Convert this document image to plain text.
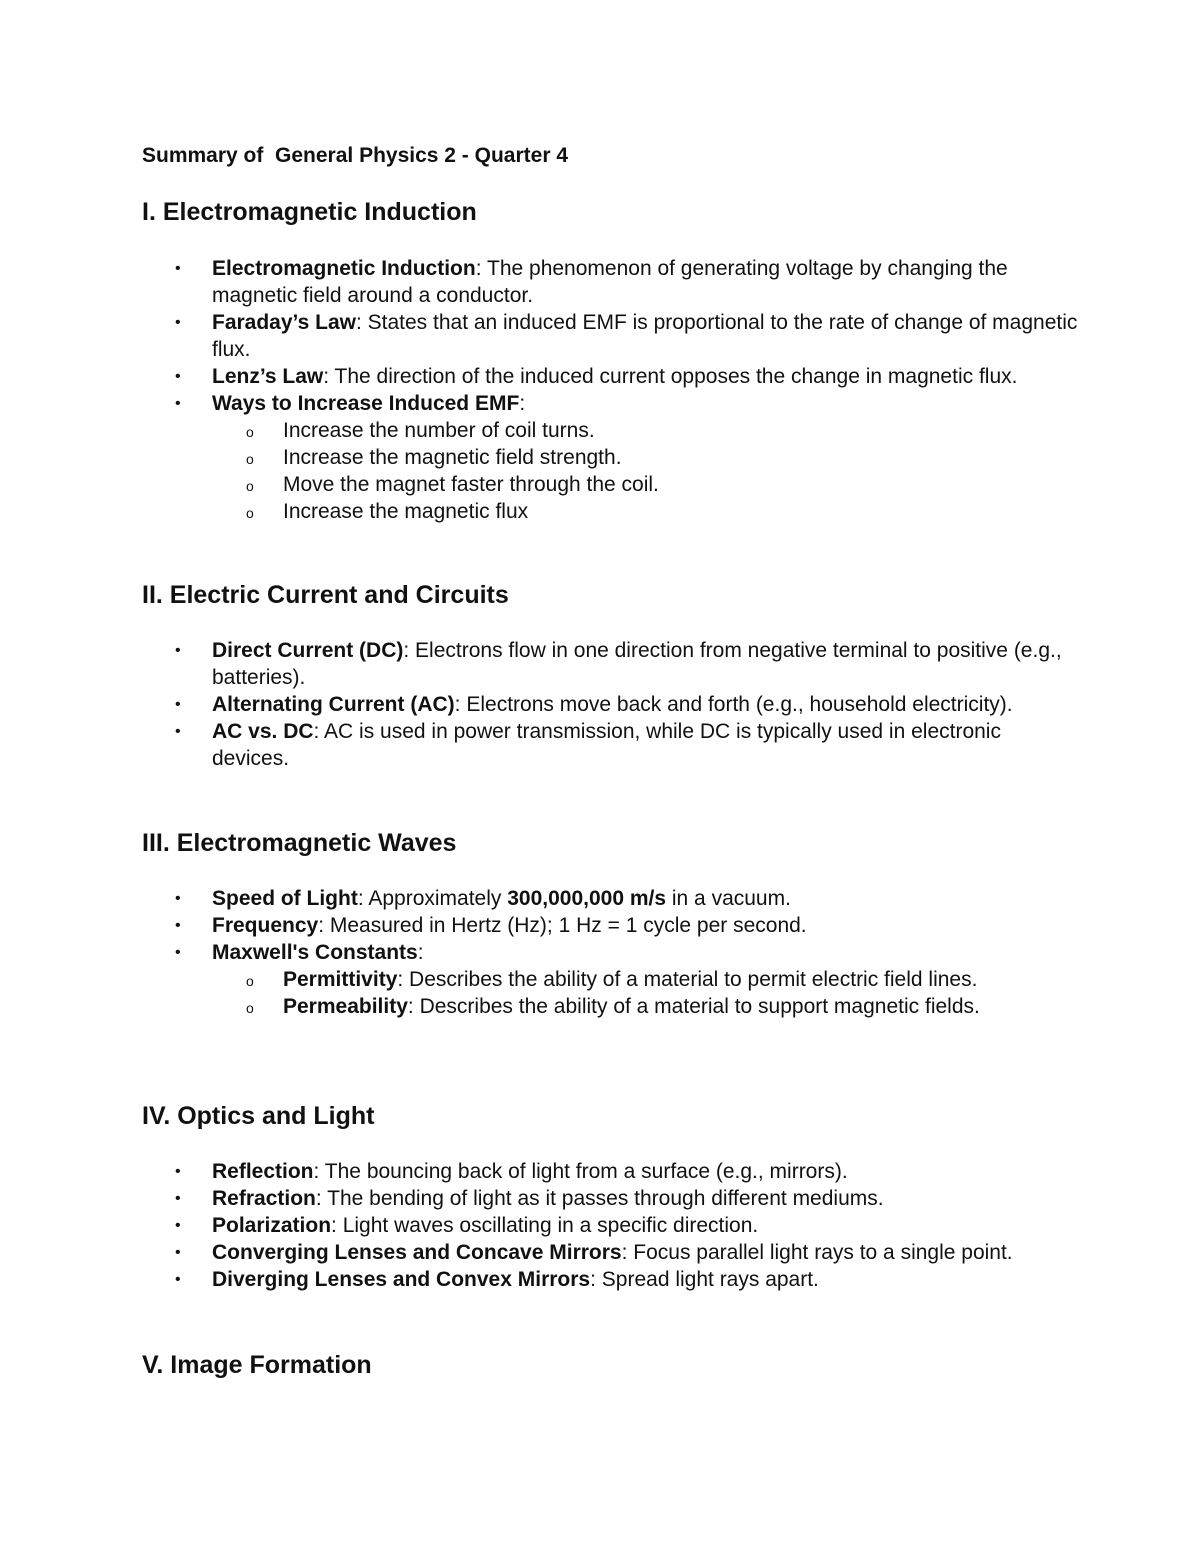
Summary of  General Physics 2 - Quarter 4

I. Electromagnetic Induction
• Electromagnetic Induction: The phenomenon of generating voltage by changing the magnetic field around a conductor.
• Faraday’s Law: States that an induced EMF is proportional to the rate of change of magnetic flux.
• Lenz’s Law: The direction of the induced current opposes the change in magnetic flux.
• Ways to Increase Induced EMF:
o Increase the number of coil turns.
o Increase the magnetic field strength.
o Move the magnet faster through the coil.
o Increase the magnetic flux
II. Electric Current and Circuits
• Direct Current (DC): Electrons flow in one direction from negative terminal to positive (e.g., batteries).
• Alternating Current (AC): Electrons move back and forth (e.g., household electricity).
• AC vs. DC: AC is used in power transmission, while DC is typically used in electronic devices.
III. Electromagnetic Waves
• Speed of Light: Approximately 300,000,000 m/s in a vacuum.
• Frequency: Measured in Hertz (Hz); 1 Hz = 1 cycle per second.
• Maxwell's Constants:
o Permittivity: Describes the ability of a material to permit electric field lines.
o Permeability: Describes the ability of a material to support magnetic fields.
IV. Optics and Light
• Reflection: The bouncing back of light from a surface (e.g., mirrors).
• Refraction: The bending of light as it passes through different mediums.
• Polarization: Light waves oscillating in a specific direction.
• Converging Lenses and Concave Mirrors: Focus parallel light rays to a single point.
• Diverging Lenses and Convex Mirrors: Spread light rays apart.
V. Image Formation
